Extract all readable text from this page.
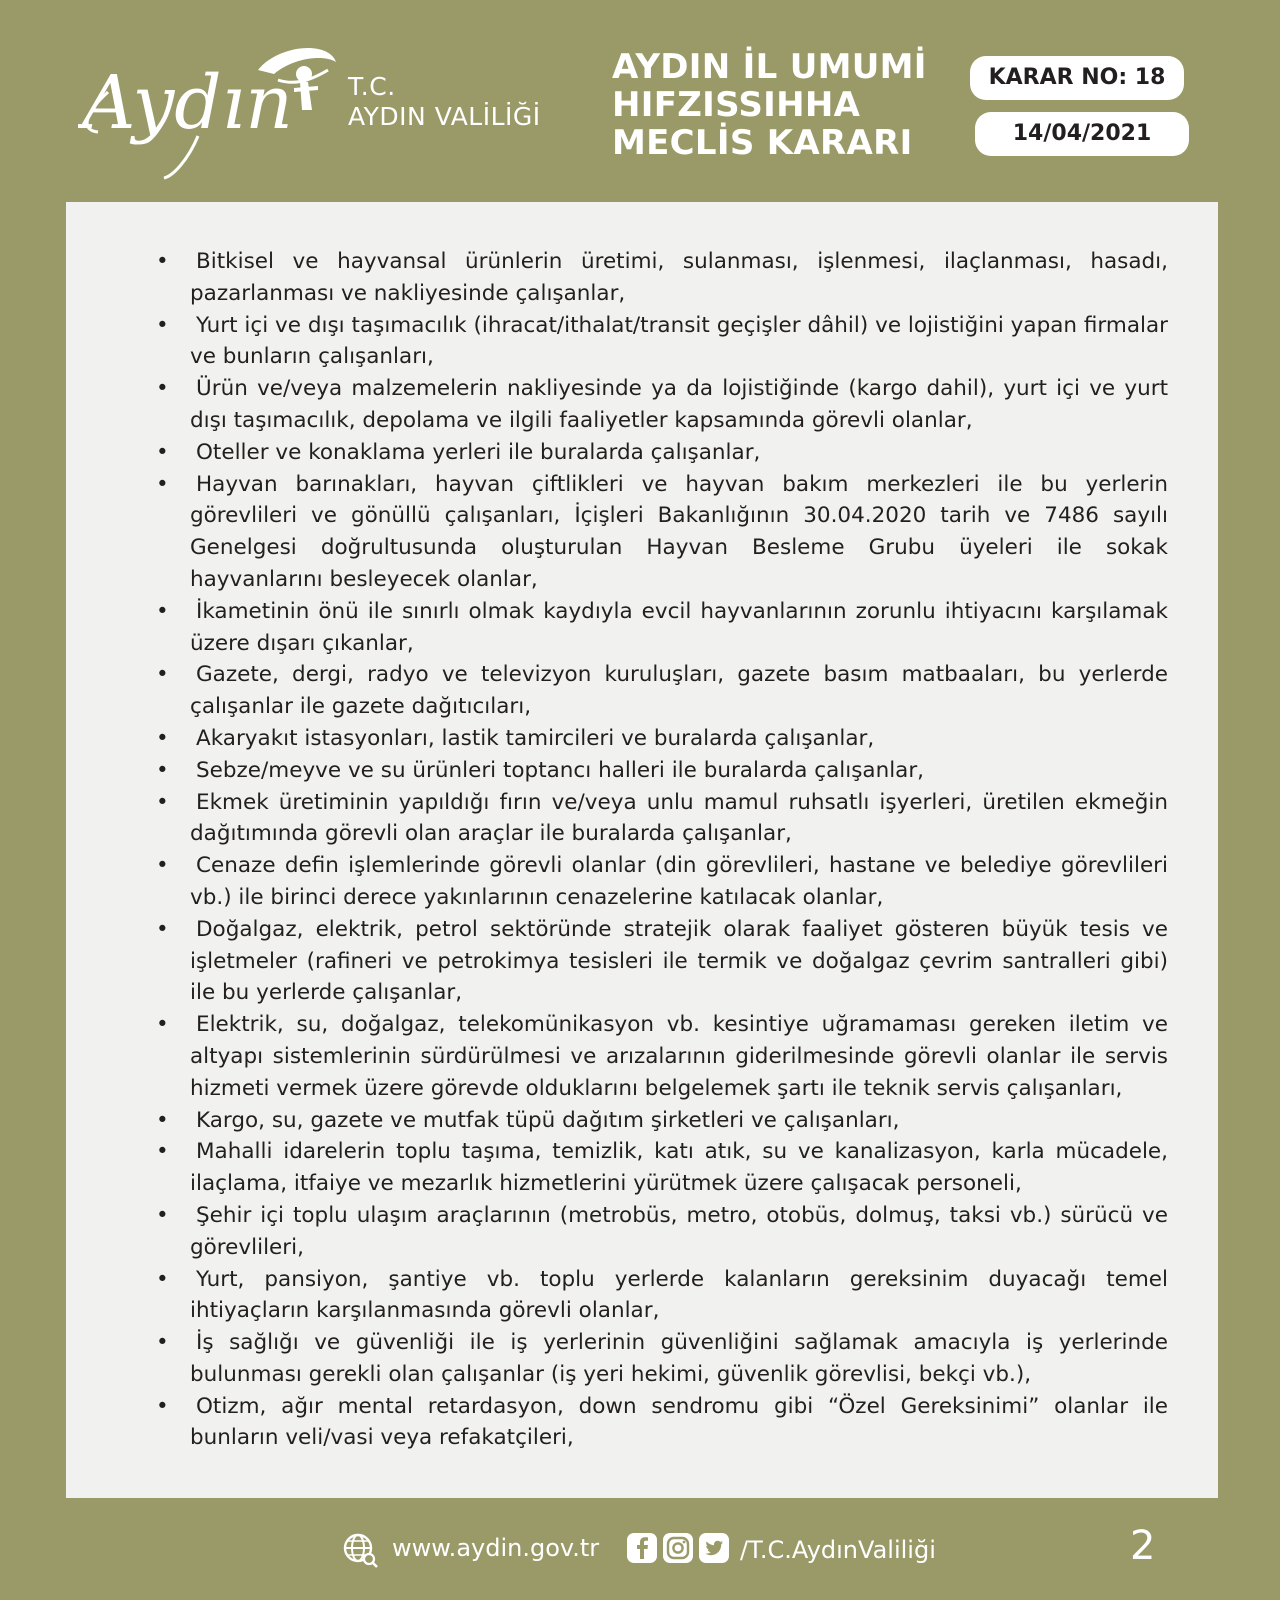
Aydın T.C.
AYDIN VALİLİĞİ
AYDIN İL UMUMİ
HIFZISSIHHA
MECLİS KARARI
KARAR NO: 18
14/04/2021
• Bitkisel ve hayvansal ürünlerin üretimi, sulanması, işlenmesi, ilaçlanması, hasadı, pazarlanması ve nakliyesinde çalışanlar,
• Yurt içi ve dışı taşımacılık (ihracat/ithalat/transit geçişler dâhil) ve lojistiğini yapan firmalar ve bunların çalışanları,
• Ürün ve/veya malzemelerin nakliyesinde ya da lojistiğinde (kargo dahil), yurt içi ve yurt dışı taşımacılık, depolama ve ilgili faaliyetler kapsamında görevli olanlar,
• Oteller ve konaklama yerleri ile buralarda çalışanlar,
• Hayvan barınakları, hayvan çiftlikleri ve hayvan bakım merkezleri ile bu yerlerin görevlileri ve gönüllü çalışanları, İçişleri Bakanlığının 30.04.2020 tarih ve 7486 sayılı Genelgesi doğrultusunda oluşturulan Hayvan Besleme Grubu üyeleri ile sokak hayvanlarını besleyecek olanlar,
• İkametinin önü ile sınırlı olmak kaydıyla evcil hayvanlarının zorunlu ihtiyacını karşılamak üzere dışarı çıkanlar,
• Gazete, dergi, radyo ve televizyon kuruluşları, gazete basım matbaaları, bu yerlerde çalışanlar ile gazete dağıtıcıları,
• Akaryakıt istasyonları, lastik tamircileri ve buralarda çalışanlar,
• Sebze/meyve ve su ürünleri toptancı halleri ile buralarda çalışanlar,
• Ekmek üretiminin yapıldığı fırın ve/veya unlu mamul ruhsatlı işyerleri, üretilen ekmeğin dağıtımında görevli olan araçlar ile buralarda çalışanlar,
• Cenaze defin işlemlerinde görevli olanlar (din görevlileri, hastane ve belediye görevlileri vb.) ile birinci derece yakınlarının cenazelerine katılacak olanlar,
• Doğalgaz, elektrik, petrol sektöründe stratejik olarak faaliyet gösteren büyük tesis ve işletmeler (rafineri ve petrokimya tesisleri ile termik ve doğalgaz çevrim santralleri gibi) ile bu yerlerde çalışanlar,
• Elektrik, su, doğalgaz, telekomünikasyon vb. kesintiye uğramaması gereken iletim ve altyapı sistemlerinin sürdürülmesi ve arızalarının giderilmesinde görevli olanlar ile servis hizmeti vermek üzere görevde olduklarını belgelemek şartı ile teknik servis çalışanları,
• Kargo, su, gazete ve mutfak tüpü dağıtım şirketleri ve çalışanları,
• Mahalli idarelerin toplu taşıma, temizlik, katı atık, su ve kanalizasyon, karla mücadele, ilaçlama, itfaiye ve mezarlık hizmetlerini yürütmek üzere çalışacak personeli,
• Şehir içi toplu ulaşım araçlarının (metrobüs, metro, otobüs, dolmuş, taksi vb.) sürücü ve görevlileri,
• Yurt, pansiyon, şantiye vb. toplu yerlerde kalanların gereksinim duyacağı temel ihtiyaçların karşılanmasında görevli olanlar,
• İş sağlığı ve güvenliği ile iş yerlerinin güvenliğini sağlamak amacıyla iş yerlerinde bulunması gerekli olan çalışanlar (iş yeri hekimi, güvenlik görevlisi, bekçi vb.),
• Otizm, ağır mental retardasyon, down sendromu gibi “Özel Gereksinimi” olanlar ile bunların veli/vasi veya refakatçileri,
www.aydin.gov.tr	/T.C.AydınValiliği	2
